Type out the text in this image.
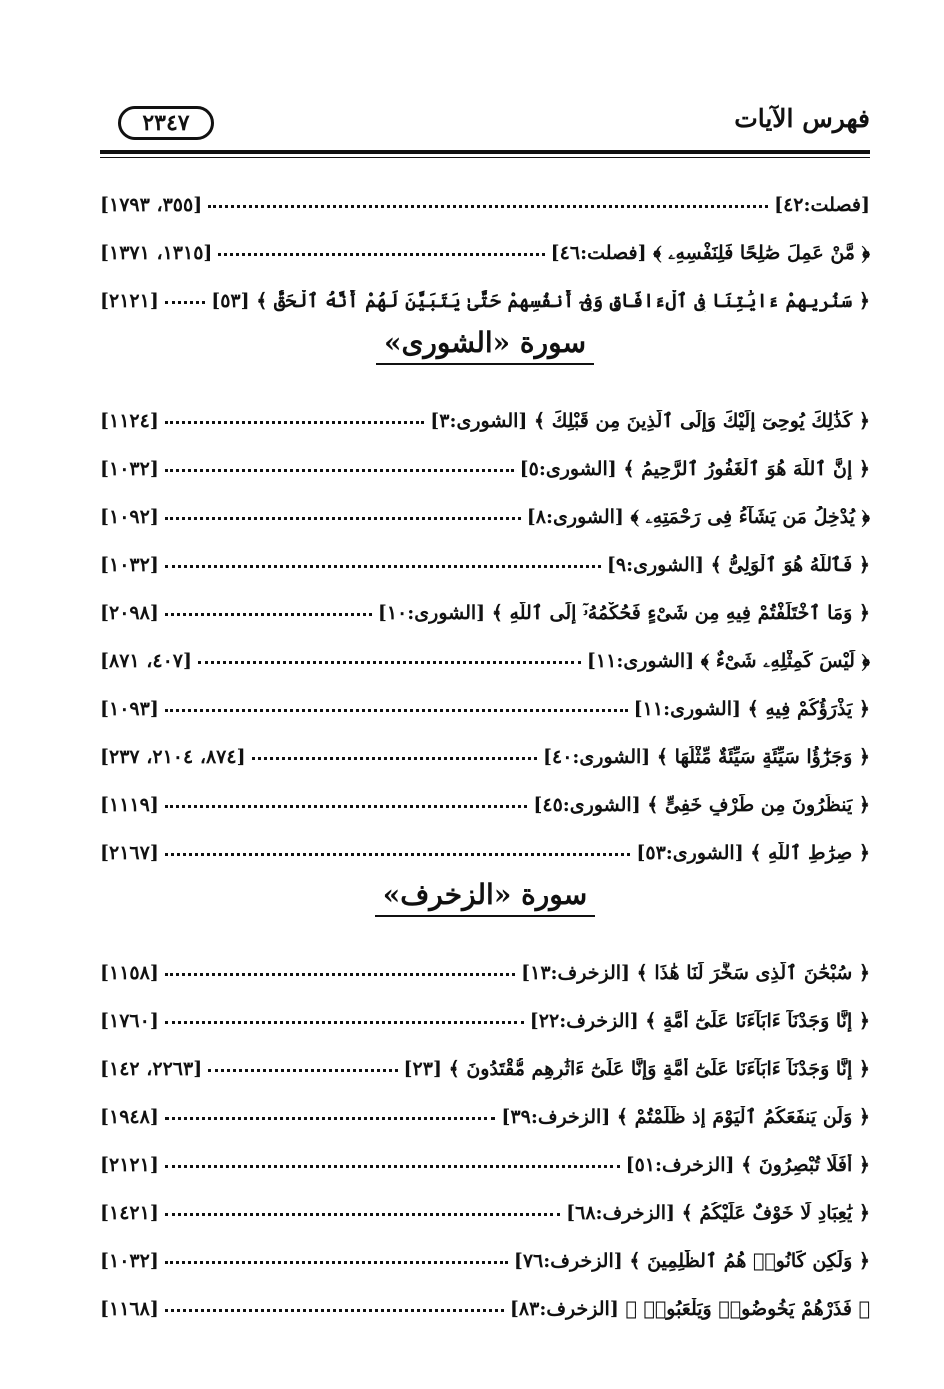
فهرس الآيات
٢٣٤٧
[فصلت:٤٢]
[٣٥٥، ١٧٩٣]
﴿ مَّنْ عَمِلَ صَٰلِحًا فَلِنَفْسِهِۦ ﴾ [فصلت:٤٦]
[١٣١٥، ١٣٧١]
﴿ سَنُرِيهِمْ ءَايَٰتِنَا فِى ٱلْءَافَاقِ وَفِىٓ أَنفُسِهِمْ حَتَّىٰ يَتَبَيَّنَ لَهُمْ أَنَّهُ ٱلْحَقُّ ﴾ [٥٣]
[٢١٢١]
سورة «الشورى»
﴿ كَذَٰلِكَ يُوحِىٓ إِلَيْكَ وَإِلَى ٱلَّذِينَ مِن قَبْلِكَ ﴾ [الشورى:٣]
[١١٢٤]
﴿ إِنَّ ٱللَّهَ هُوَ ٱلْغَفُورُ ٱلرَّحِيمُ ﴾ [الشورى:٥]
[١٠٣٢]
﴿ يُدْخِلُ مَن يَشَآءُ فِى رَحْمَتِهِۦ ﴾ [الشورى:٨]
[١٠٩٢]
﴿ فَٱللَّهُ هُوَ ٱلْوَلِىُّ ﴾ [الشورى:٩]
[١٠٣٢]
﴿ وَمَا ٱخْتَلَفْتُمْ فِيهِ مِن شَىْءٍ فَحُكْمُهُۥٓ إِلَى ٱللَّهِ ﴾ [الشورى:١٠]
[٢٠٩٨]
﴿ لَيْسَ كَمِثْلِهِۦ شَىْءٌ ﴾ [الشورى:١١]
[٤٠٧، ٨٧١]
﴿ يَذْرَؤُكُمْ فِيهِ ﴾ [الشورى:١١]
[١٠٩٣]
﴿ وَجَزَٰٓؤُا سَيِّئَةٍ سَيِّئَةٌ مِّثْلُهَا ﴾ [الشورى:٤٠]
[٨٧٤، ٢١٠٤، ٢٣٧]
﴿ يَنظُرُونَ مِن طَرْفٍ خَفِىٍّ ﴾ [الشورى:٤٥]
[١١١٩]
﴿ صِرَٰطِ ٱللَّهِ ﴾ [الشورى:٥٣]
[٢١٦٧]
سورة «الزخرف»
﴿ سُبْحَٰنَ ٱلَّذِى سَخَّرَ لَنَا هَٰذَا ﴾ [الزخرف:١٣]
[١١٥٨]
﴿ إِنَّا وَجَدْنَآ ءَابَآءَنَا عَلَىٰٓ أُمَّةٍ ﴾ [الزخرف:٢٢]
[١٧٦٠]
﴿ إِنَّا وَجَدْنَآ ءَابَآءَنَا عَلَىٰٓ أُمَّةٍ وَإِنَّا عَلَىٰٓ ءَاثَٰرِهِم مُّقْتَدُونَ ﴾ [٢٣]
[٢٢٦٣، ١٤٢]
﴿ وَلَن يَنفَعَكُمُ ٱلْيَوْمَ إِذ ظَّلَمْتُمْ ﴾ [الزخرف:٣٩]
[١٩٤٨]
﴿ أَفَلَا تُبْصِرُونَ ﴾ [الزخرف:٥١]
[٢١٢١]
﴿ يَٰعِبَادِ لَا خَوْفٌ عَلَيْكُمُ ﴾ [الزخرف:٦٨]
[١٤٢١]
﴿ وَلَٰكِن كَانُوا۟ هُمُ ٱلظَّٰلِمِينَ ﴾ [الزخرف:٧٦]
[١٠٣٢]
﴿ فَذَرْهُمْ يَخُوضُوا۟ وَيَلْعَبُوا۟ ﴾ [الزخرف:٨٣]
[١١٦٨]
